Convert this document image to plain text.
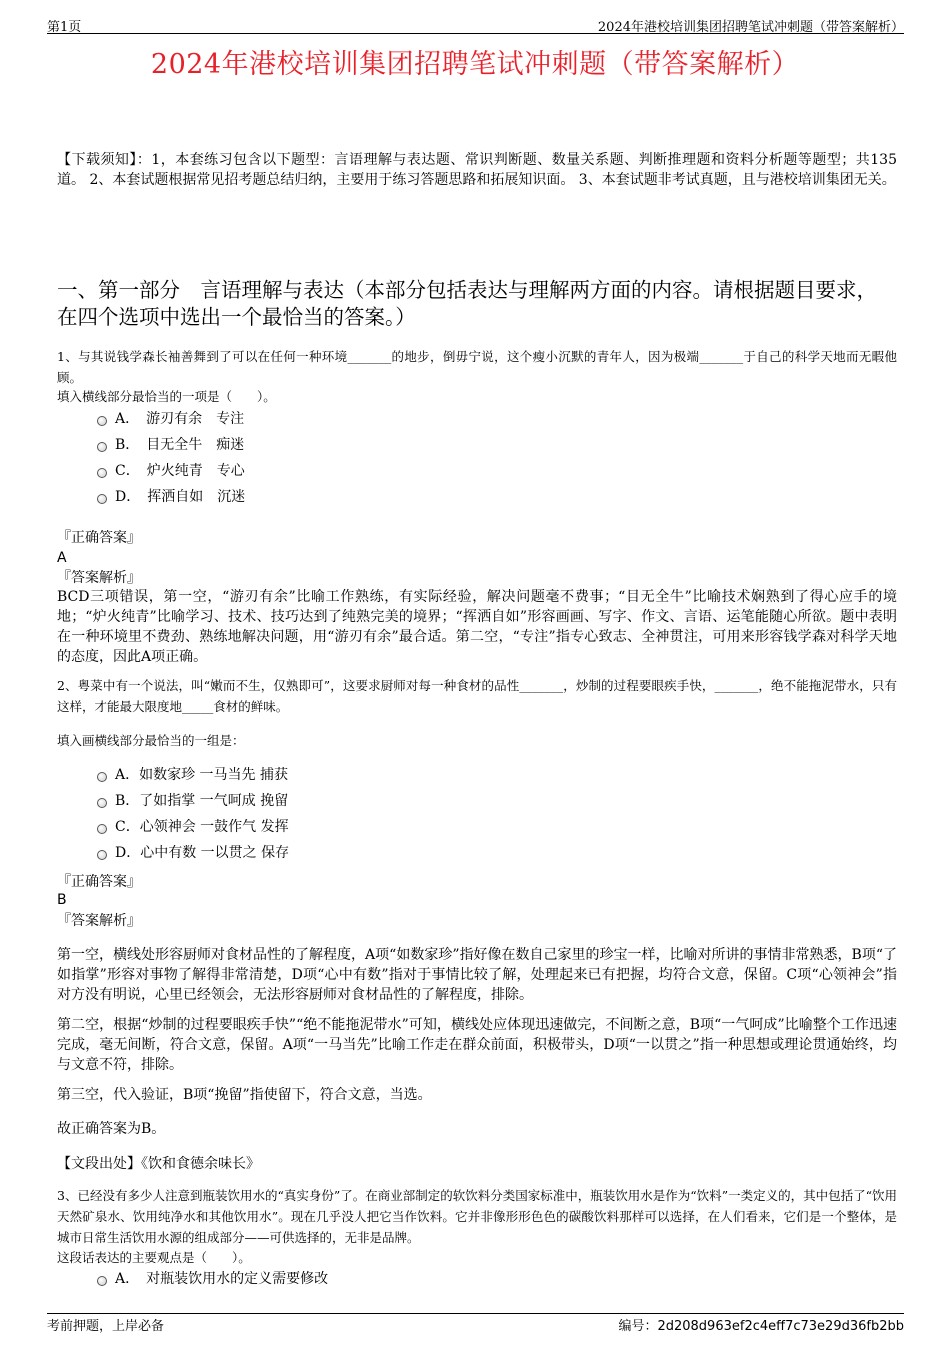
第1页	2024年港校培训集团招聘笔试冲刺题（带答案解析）
2024年港校培训集团招聘笔试冲刺题（带答案解析）
【下载须知】：1，本套练习包含以下题型：言语理解与表达题、常识判断题、数量关系题、判断推理题和资料分析题等题型；共135道。 2、本套试题根据常见招考题总结归纳，主要用于练习答题思路和拓展知识面。 3、本套试题非考试真题，且与港校培训集团无关。
一、第一部分　言语理解与表达（本部分包括表达与理解两方面的内容。请根据题目要求，在四个选项中选出一个最恰当的答案。）
1、与其说钱学森长袖善舞到了可以在任何一种环境_______的地步，倒毋宁说，这个瘦小沉默的青年人，因为极端_______于自己的科学天地而无暇他顾。
填入横线部分最恰当的一项是（　　）。
A．　游刃有余　专注
B．　目无全牛　痴迷
C．　炉火纯青　专心
D．　挥洒自如　沉迷
『正确答案』
A
『答案解析』
BCD三项错误，第一空，“游刃有余”比喻工作熟练，有实际经验，解决问题毫不费事；“目无全牛”比喻技术娴熟到了得心应手的境地；“炉火纯青”比喻学习、技术、技巧达到了纯熟完美的境界；“挥洒自如”形容画画、写字、作文、言语、运笔能随心所欲。题中表明在一种环境里不费劲、熟练地解决问题，用“游刃有余”最合适。第二空，“专注”指专心致志、全神贯注，可用来形容钱学森对科学天地的态度，因此A项正确。
2、粤菜中有一个说法，叫“嫩而不生，仅熟即可”，这要求厨师对每一种食材的品性_______，炒制的过程要眼疾手快，_______，绝不能拖泥带水，只有这样，才能最大限度地_____食材的鲜味。
填入画横线部分最恰当的一组是：
A．如数家珍 一马当先 捕获
B．了如指掌 一气呵成 挽留
C．心领神会 一鼓作气 发挥
D．心中有数 一以贯之 保存
『正确答案』
B
『答案解析』
第一空，横线处形容厨师对食材品性的了解程度，A项“如数家珍”指好像在数自己家里的珍宝一样，比喻对所讲的事情非常熟悉，B项“了如指掌”形容对事物了解得非常清楚，D项“心中有数”指对于事情比较了解，处理起来已有把握，均符合文意，保留。C项“心领神会”指对方没有明说，心里已经领会，无法形容厨师对食材品性的了解程度，排除。
第二空，根据“炒制的过程要眼疾手快”“绝不能拖泥带水”可知，横线处应体现迅速做完，不间断之意，B项“一气呵成”比喻整个工作迅速完成，毫无间断，符合文意，保留。A项“一马当先”比喻工作走在群众前面，积极带头，D项“一以贯之”指一种思想或理论贯通始终，均与文意不符，排除。
第三空，代入验证，B项“挽留”指使留下，符合文意，当选。
故正确答案为B。
【文段出处】《饮和食德余味长》
3、已经没有多少人注意到瓶装饮用水的“真实身份”了。在商业部制定的软饮料分类国家标准中，瓶装饮用水是作为“饮料”一类定义的，其中包括了“饮用天然矿泉水、饮用纯净水和其他饮用水”。现在几乎没人把它当作饮料。它并非像形形色色的碳酸饮料那样可以选择，在人们看来，它们是一个整体，是城市日常生活饮用水源的组成部分——可供选择的，无非是品牌。
这段话表达的主要观点是（　　）。
A．　对瓶装饮用水的定义需要修改
考前押题，上岸必备	编号：2d208d963ef2c4eff7c73e29d36fb2bb
